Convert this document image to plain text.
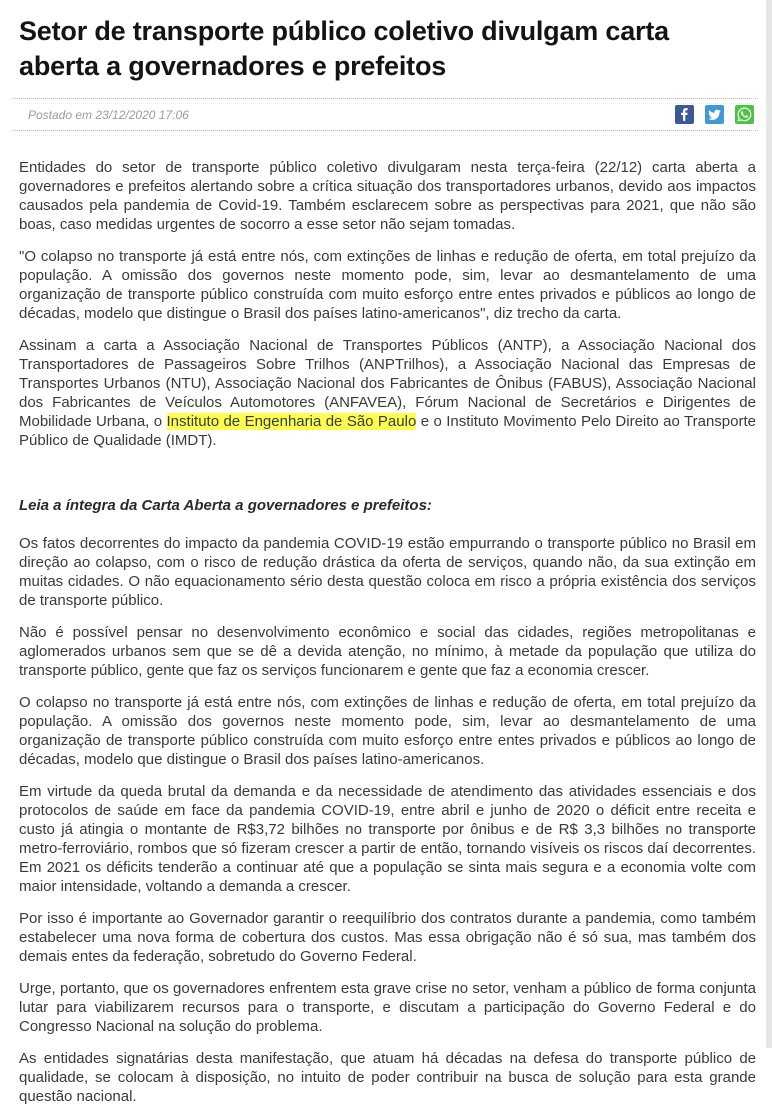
Setor de transporte público coletivo divulgam carta aberta a governadores e prefeitos
Postado em 23/12/2020 17:06

Entidades do setor de transporte público coletivo divulgaram nesta terça-feira (22/12) carta aberta a governadores e prefeitos alertando sobre a crítica situação dos transportadores urbanos, devido aos impactos causados pela pandemia de Covid-19. Também esclarecem sobre as perspectivas para 2021, que não são boas, caso medidas urgentes de socorro a esse setor não sejam tomadas.

"O colapso no transporte já está entre nós, com extinções de linhas e redução de oferta, em total prejuízo da população. A omissão dos governos neste momento pode, sim, levar ao desmantelamento de uma organização de transporte público construída com muito esforço entre entes privados e públicos ao longo de décadas, modelo que distingue o Brasil dos países latino-americanos", diz trecho da carta.

Assinam a carta a Associação Nacional de Transportes Públicos (ANTP), a Associação Nacional dos Transportadores de Passageiros Sobre Trilhos (ANPTrilhos), a Associação Nacional das Empresas de Transportes Urbanos (NTU), Associação Nacional dos Fabricantes de Ônibus (FABUS), Associação Nacional dos Fabricantes de Veículos Automotores (ANFAVEA), Fórum Nacional de Secretários e Dirigentes de Mobilidade Urbana, o Instituto de Engenharia de São Paulo e o Instituto Movimento Pelo Direito ao Transporte Público de Qualidade (IMDT).

Leia a íntegra da Carta Aberta a governadores e prefeitos:

Os fatos decorrentes do impacto da pandemia COVID-19 estão empurrando o transporte público no Brasil em direção ao colapso, com o risco de redução drástica da oferta de serviços, quando não, da sua extinção em muitas cidades. O não equacionamento sério desta questão coloca em risco a própria existência dos serviços de transporte público.

Não é possível pensar no desenvolvimento econômico e social das cidades, regiões metropolitanas e aglomerados urbanos sem que se dê a devida atenção, no mínimo, à metade da população que utiliza do transporte público, gente que faz os serviços funcionarem e gente que faz a economia crescer.

O colapso no transporte já está entre nós, com extinções de linhas e redução de oferta, em total prejuízo da população. A omissão dos governos neste momento pode, sim, levar ao desmantelamento de uma organização de transporte público construída com muito esforço entre entes privados e públicos ao longo de décadas, modelo que distingue o Brasil dos países latino-americanos.

Em virtude da queda brutal da demanda e da necessidade de atendimento das atividades essenciais e dos protocolos de saúde em face da pandemia COVID-19, entre abril e junho de 2020 o déficit entre receita e custo já atingia o montante de R$3,72 bilhões no transporte por ônibus e de R$ 3,3 bilhões no transporte metro-ferroviário, rombos que só fizeram crescer a partir de então, tornando visíveis os riscos daí decorrentes. Em 2021 os déficits tenderão a continuar até que a população se sinta mais segura e a economia volte com maior intensidade, voltando a demanda a crescer.

Por isso é importante ao Governador garantir o reequilíbrio dos contratos durante a pandemia, como também estabelecer uma nova forma de cobertura dos custos. Mas essa obrigação não é só sua, mas também dos demais entes da federação, sobretudo do Governo Federal.

Urge, portanto, que os governadores enfrentem esta grave crise no setor, venham a público de forma conjunta lutar para viabilizarem recursos para o transporte, e discutam a participação do Governo Federal e do Congresso Nacional na solução do problema.

As entidades signatárias desta manifestação, que atuam há décadas na defesa do transporte público de qualidade, se colocam à disposição, no intuito de poder contribuir na busca de solução para esta grande questão nacional.
